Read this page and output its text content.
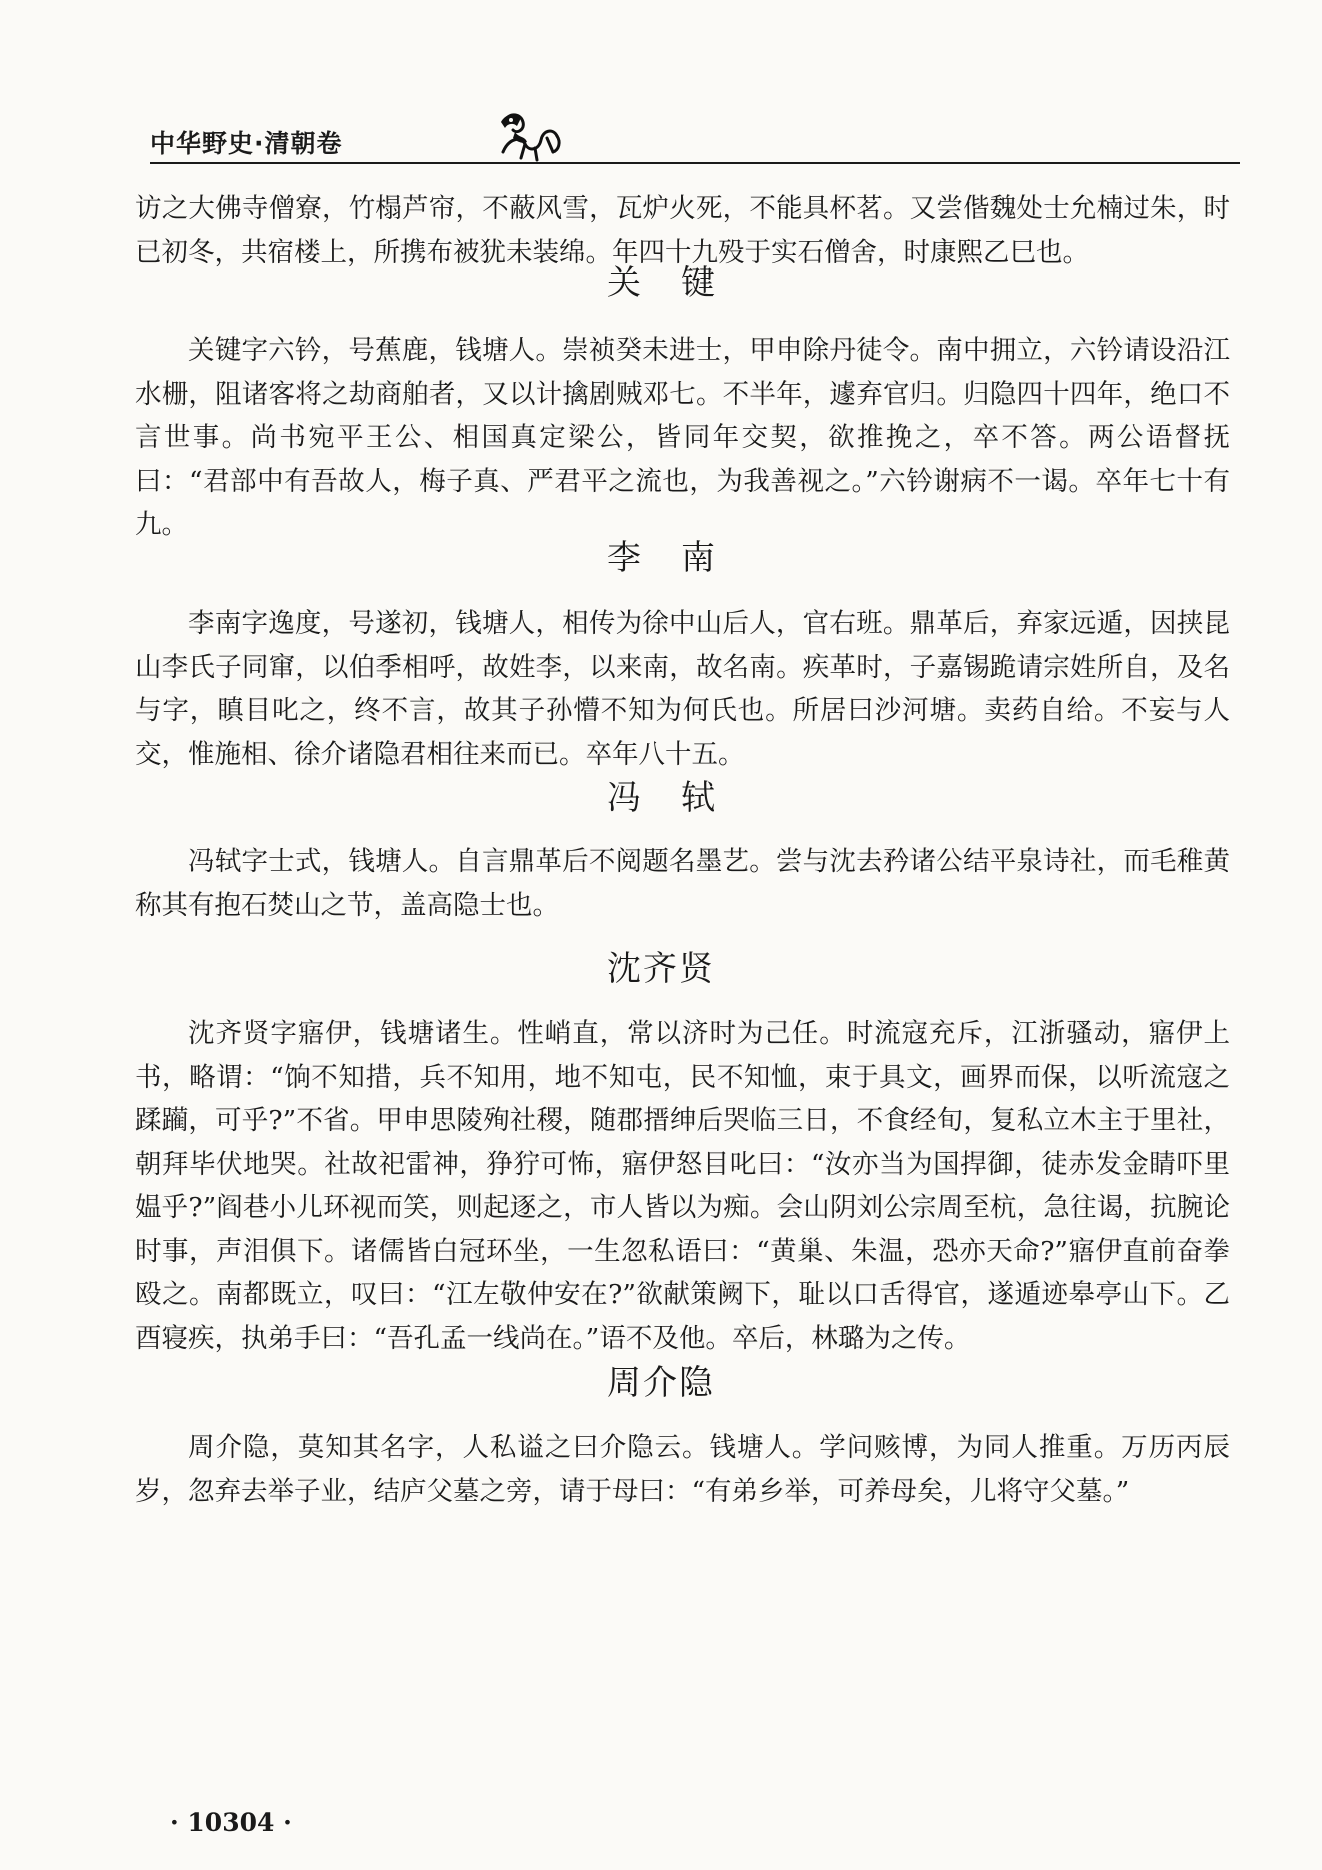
中华野史·清朝卷

访之大佛寺僧寮，竹榻芦帘，不蔽风雪，瓦炉火死，不能具杯茗。又尝偕魏处士允楠过朱，时已初冬，共宿楼上，所携布被犹未装绵。年四十九殁于实石僧舍，时康熙乙巳也。

关键

关键字六钤，号蕉鹿，钱塘人。崇祯癸未进士，甲申除丹徒令。南中拥立，六钤请设沿江水栅，阻诸客将之劫商舶者，又以计擒剧贼邓七。不半年，遽弃官归。归隐四十四年，绝口不言世事。尚书宛平王公、相国真定梁公，皆同年交契，欲推挽之，卒不答。两公语督抚曰：“君部中有吾故人，梅子真、严君平之流也，为我善视之。”六钤谢病不一谒。卒年七十有九。

李南

李南字逸度，号遂初，钱塘人，相传为徐中山后人，官右班。鼎革后，弃家远遁，因挟昆山李氏子同窜，以伯季相呼，故姓李，以来南，故名南。疾革时，子嘉锡跪请宗姓所自，及名与字，瞋目叱之，终不言，故其子孙懵不知为何氏也。所居曰沙河塘。卖药自给。不妄与人交，惟施相、徐介诸隐君相往来而已。卒年八十五。

冯轼

冯轼字士式，钱塘人。自言鼎革后不阅题名墨艺。尝与沈去矜诸公结平泉诗社，而毛稚黄称其有抱石焚山之节，盖高隐士也。

沈齐贤

沈齐贤字寤伊，钱塘诸生。性峭直，常以济时为己任。时流寇充斥，江浙骚动，寤伊上书，略谓：“饷不知措，兵不知用，地不知屯，民不知恤，束于具文，画界而保，以听流寇之蹂躏，可乎?”不省。甲申思陵殉社稷，随郡搢绅后哭临三日，不食经旬，复私立木主于里社，朝拜毕伏地哭。社故祀雷神，狰狞可怖，寤伊怒目叱曰：“汝亦当为国捍御，徒赤发金睛吓里媪乎?”阎巷小儿环视而笑，则起逐之，市人皆以为痴。会山阴刘公宗周至杭，急往谒，抗腕论时事，声泪俱下。诸儒皆白冠环坐，一生忽私语曰：“黄巢、朱温，恐亦天命?”寤伊直前奋拳殴之。南都既立，叹曰：“江左敬仲安在?”欲献策阙下，耻以口舌得官，遂遁迹皋亭山下。乙酉寝疾，执弟手曰：“吾孔孟一线尚在。”语不及他。卒后，林璐为之传。

周介隐

周介隐，莫知其名字，人私谥之曰介隐云。钱塘人。学问赅博，为同人推重。万历丙辰岁，忽弃去举子业，结庐父墓之旁，请于母曰：“有弟乡举，可养母矣，儿将守父墓。”

· 10304 ·
